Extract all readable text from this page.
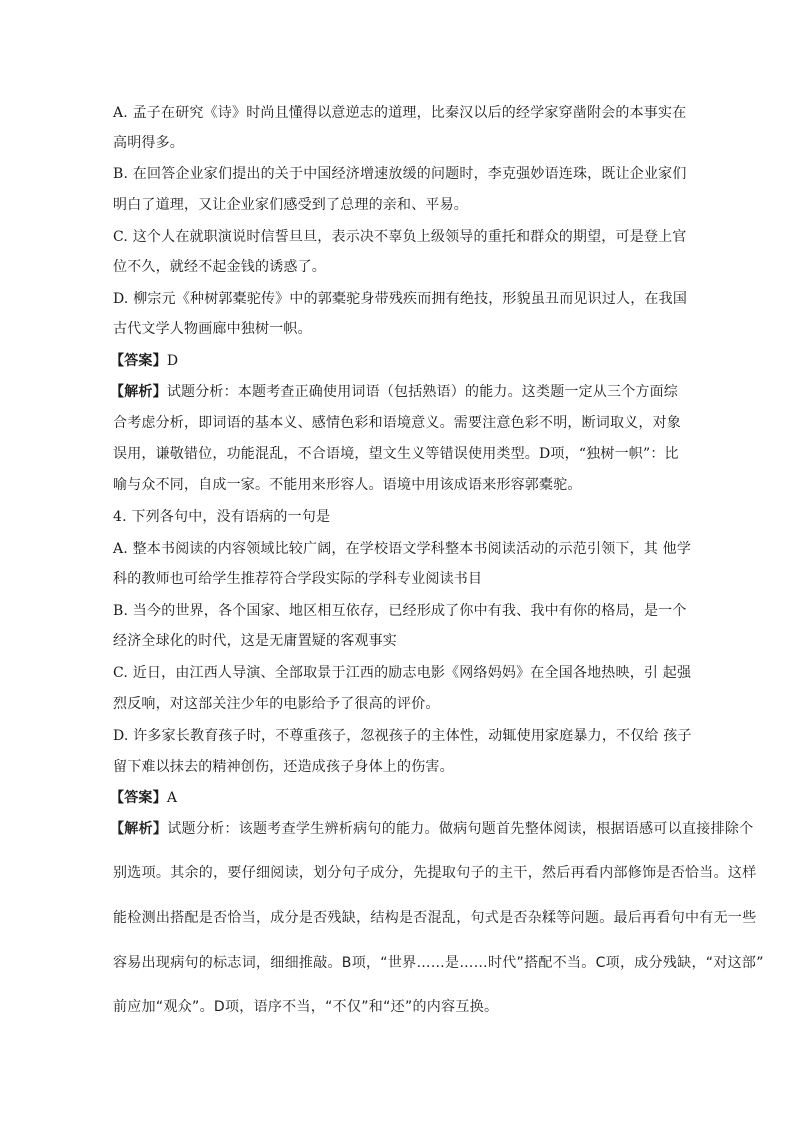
A. 孟子在研究《诗》时尚且懂得以意逆志的道理，比秦汉以后的经学家穿凿附会的本事实在
高明得多。
B. 在回答企业家们提出的关于中国经济增速放缓的问题时，李克强妙语连珠，既让企业家们
明白了道理，又让企业家们感受到了总理的亲和、平易。
C. 这个人在就职演说时信誓旦旦，表示决不辜负上级领导的重托和群众的期望，可是登上官
位不久，就经不起金钱的诱惑了。
D. 柳宗元《种树郭橐驼传》中的郭橐驼身带残疾而拥有绝技，形貌虽丑而见识过人，在我国
古代文学人物画廊中独树一帜。
【答案】D
【解析】试题分析：本题考查正确使用词语（包括熟语）的能力。这类题一定从三个方面综
合考虑分析，即词语的基本义、感情色彩和语境意义。需要注意色彩不明，断词取义，对象
误用，谦敬错位，功能混乱，不合语境，望文生义等错误使用类型。D项，“独树一帜”：比
喻与众不同，自成一家。不能用来形容人。语境中用该成语来形容郭橐驼。
4. 下列各句中，没有语病的一句是
A. 整本书阅读的内容领域比较广阔，在学校语文学科整本书阅读活动的示范引领下，其 他学
科的教师也可给学生推荐符合学段实际的学科专业阅读书目
B. 当今的世界，各个国家、地区相互依存，已经形成了你中有我、我中有你的格局，是一个
经济全球化的时代，这是无庸置疑的客观事实
C. 近日，由江西人导演、全部取景于江西的励志电影《网络妈妈》在全国各地热映，引 起强
烈反响，对这部关注少年的电影给予了很高的评价。
D. 许多家长教育孩子时，不尊重孩子，忽视孩子的主体性，动辄使用家庭暴力，不仅给 孩子
留下难以抹去的精神创伤，还造成孩子身体上的伤害。
【答案】A
【解析】试题分析：该题考查学生辨析病句的能力。做病句题首先整体阅读，根据语感可以直接排除个
别选项。其余的，要仔细阅读，划分句子成分，先提取句子的主干，然后再看内部修饰是否恰当。这样
能检测出搭配是否恰当，成分是否残缺，结构是否混乱，句式是否杂糅等问题。最后再看句中有无一些
容易出现病句的标志词，细细推敲。B项，“世界……是……时代”搭配不当。C项，成分残缺，“对这部”
前应加“观众”。D项，语序不当，“不仅”和“还”的内容互换。
